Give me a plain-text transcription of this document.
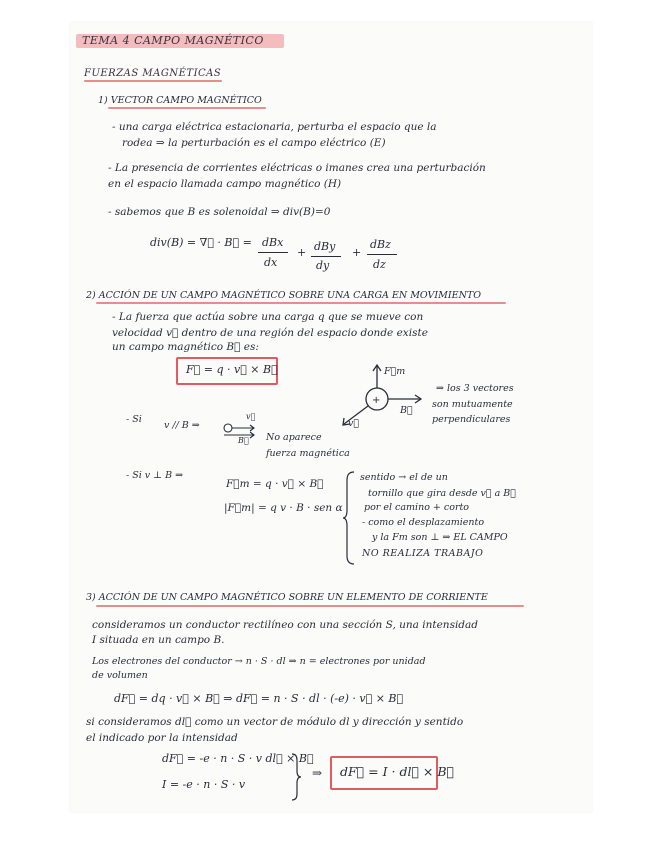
TEMA 4 CAMPO MAGNÉTICO
FUERZAS MAGNÉTICAS
1) VECTOR CAMPO MAGNÉTICO
- una carga eléctrica estacionaria, perturba el espacio que la
rodea ⇒ la perturbación es el campo eléctrico (E)
- La presencia de corrientes eléctricas o imanes crea una perturbación
en el espacio llamada campo magnético (H)
- sabemos que B es solenoidal ⇒ div(B)=0
div(B) = ∇⃗ · B⃗ = dBx
dx
+ dBy
dy
+
dBz
dz
2) ACCIÓN DE UN CAMPO MAGNÉTICO SOBRE UNA CARGA EN MOVIMIENTO
- La fuerza que actúa sobre una carga q que se mueve con
velocidad v⃗ dentro de una región del espacio donde existe
un campo magnético B⃗ es:
F⃗ = q · v⃗ × B⃗
+
F⃗m
B⃗
v⃗
⇒ los 3 vectores
son mutuamente
perpendiculares
- Si
v // B ⇒
v⃗
B⃗ No aparece
fuerza magnética
- Si v ⊥ B ⇒
F⃗m = q · v⃗ × B⃗
|F⃗m| = q v · B · sen α
sentido → el de un
tornillo que gira desde v⃗ a B⃗
por el camino + corto
- como el desplazamiento
y la Fm son ⊥ ⇒ EL CAMPO
NO REALIZA TRABAJO
3) ACCIÓN DE UN CAMPO MAGNÉTICO SOBRE UN ELEMENTO DE CORRIENTE
consideramos un conductor rectilíneo con una sección S, una intensidad
I situada en un campo B.
Los electrones del conductor → n · S · dl ⇒ n = electrones por unidad
de volumen
dF⃗ = dq · v⃗ × B⃗ ⇒ dF⃗ = n · S · dl · (-e) · v⃗ × B⃗
si consideramos dl⃗ como un vector de módulo dl y dirección y sentido
el indicado por la intensidad
dF⃗ = -e · n · S · v dl⃗ × B⃗
I = -e · n · S · v
⇒ dF⃗ = I · dl⃗ × B⃗
